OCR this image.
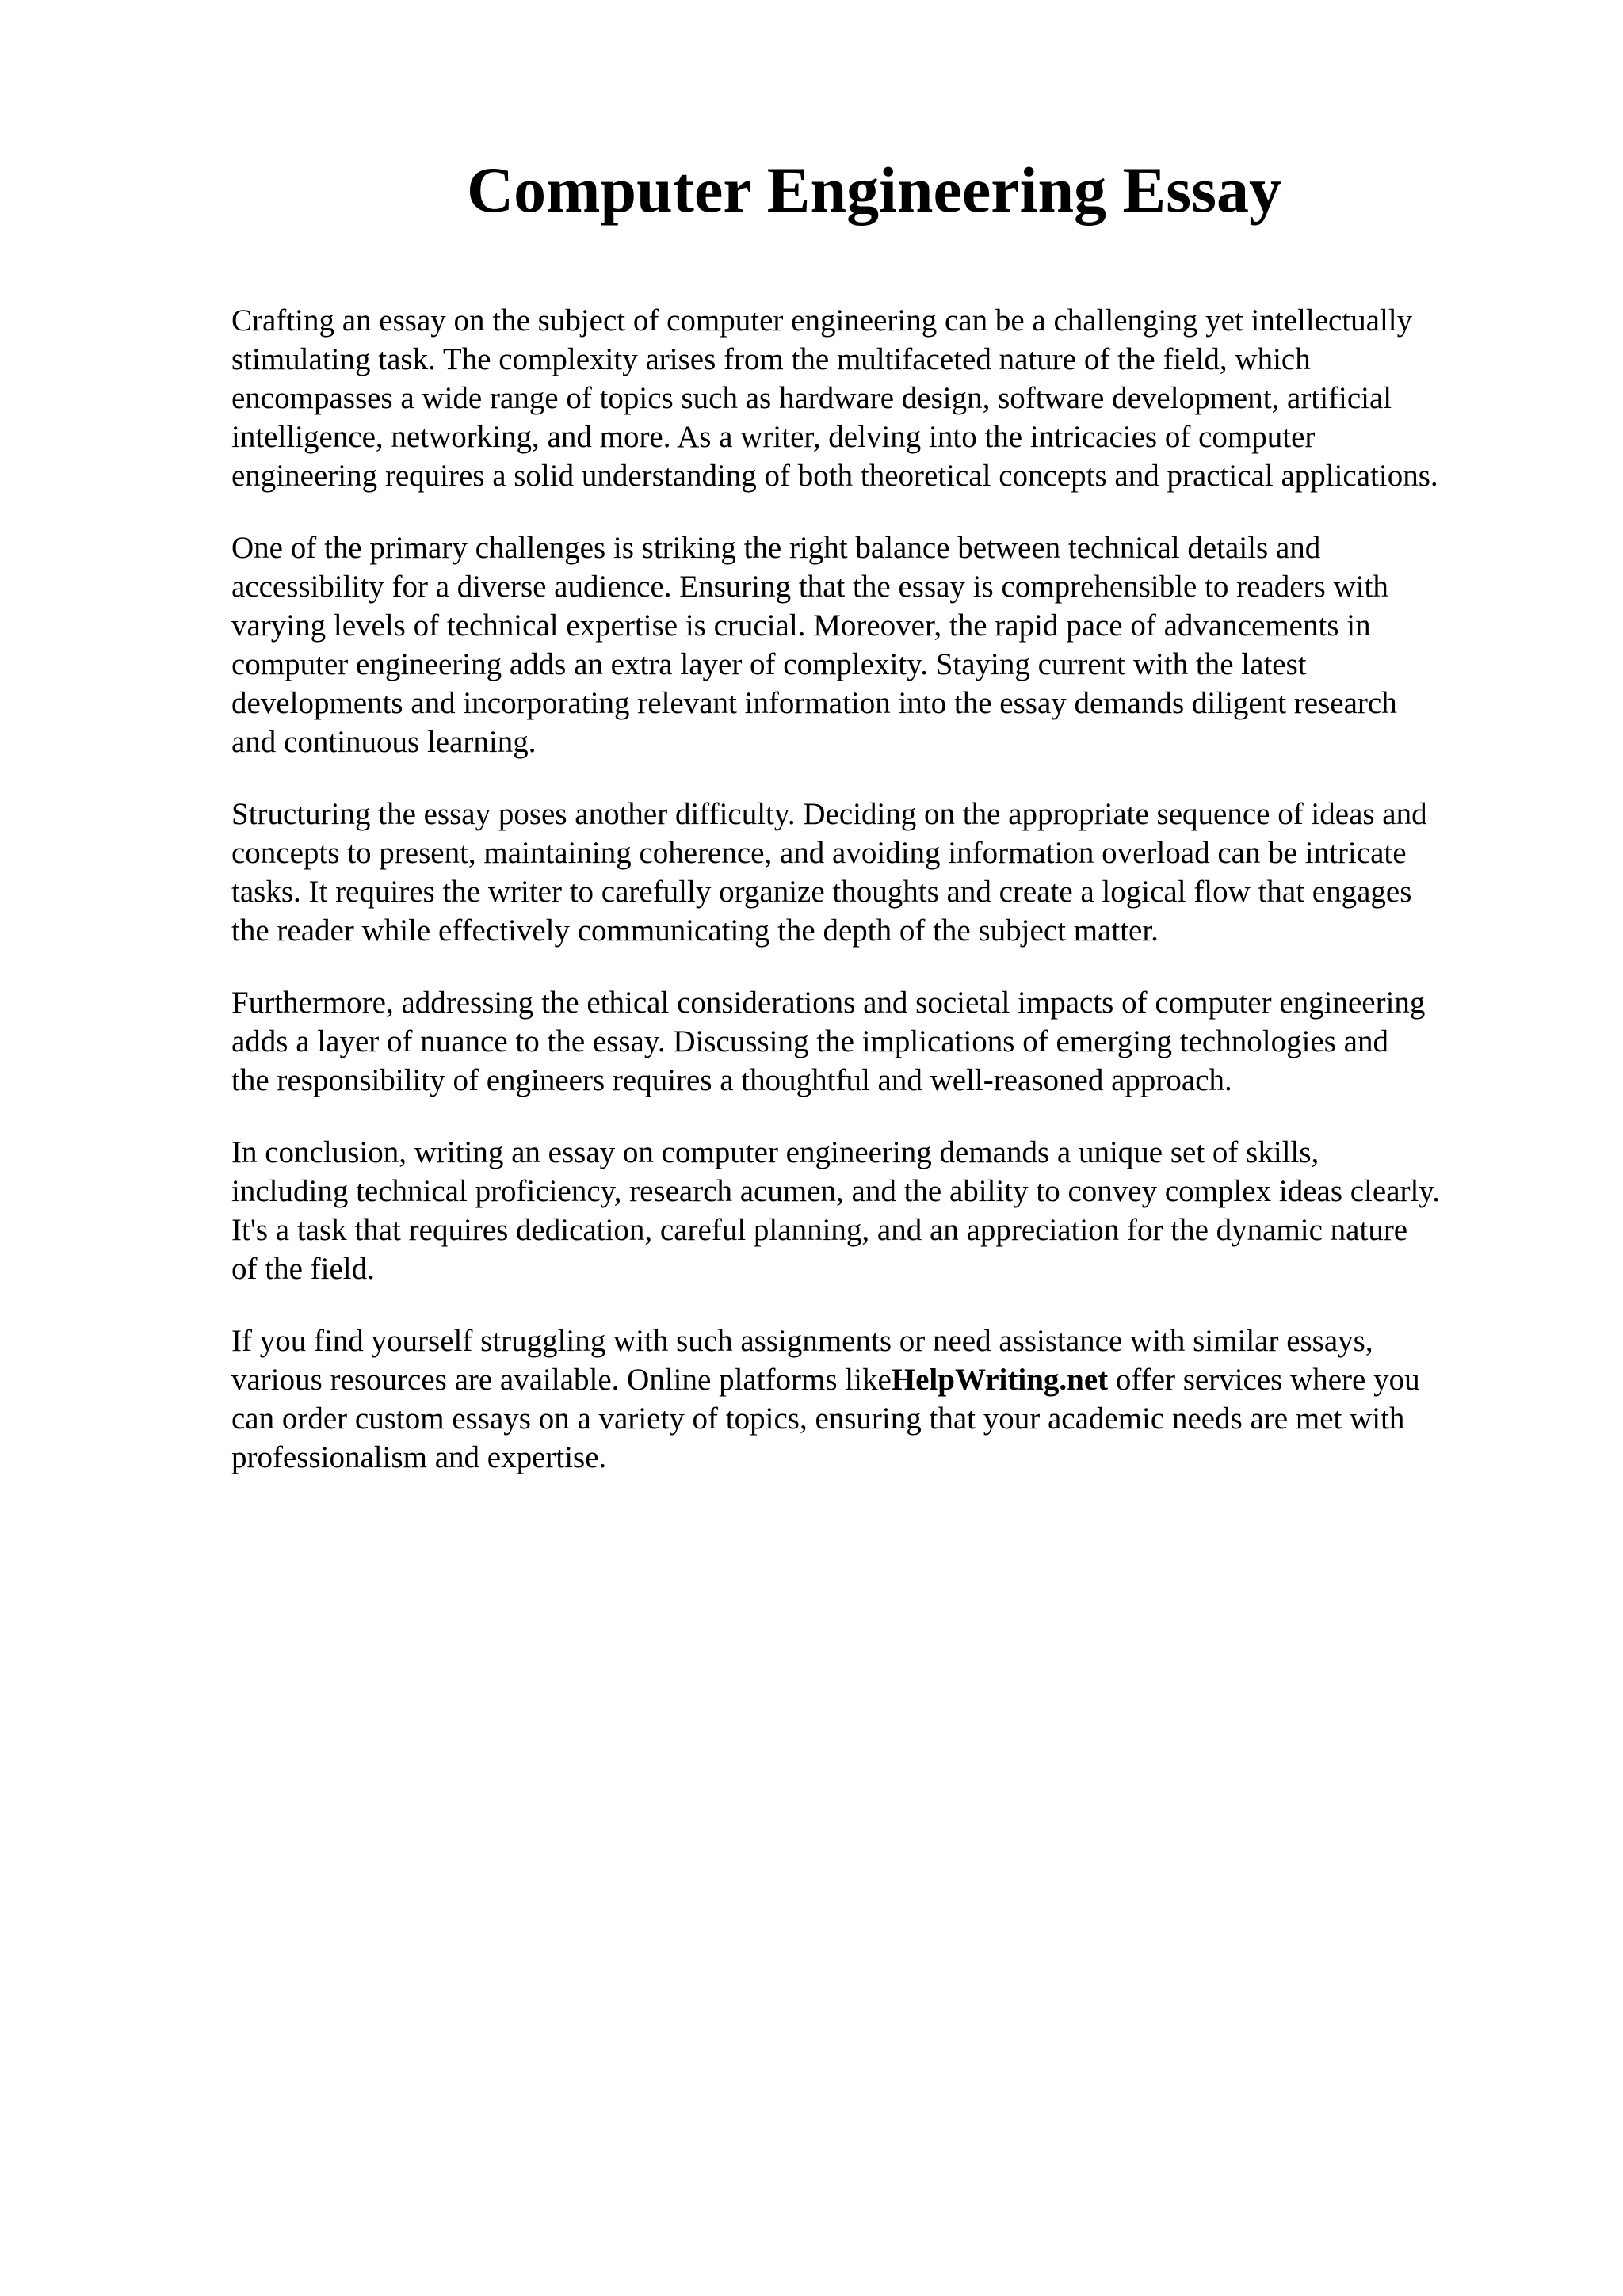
Computer Engineering Essay

Crafting an essay on the subject of computer engineering can be a challenging yet intellectually
stimulating task. The complexity arises from the multifaceted nature of the field, which
encompasses a wide range of topics such as hardware design, software development, artificial
intelligence, networking, and more. As a writer, delving into the intricacies of computer
engineering requires a solid understanding of both theoretical concepts and practical applications.

One of the primary challenges is striking the right balance between technical details and
accessibility for a diverse audience. Ensuring that the essay is comprehensible to readers with
varying levels of technical expertise is crucial. Moreover, the rapid pace of advancements in
computer engineering adds an extra layer of complexity. Staying current with the latest
developments and incorporating relevant information into the essay demands diligent research
and continuous learning.

Structuring the essay poses another difficulty. Deciding on the appropriate sequence of ideas and
concepts to present, maintaining coherence, and avoiding information overload can be intricate
tasks. It requires the writer to carefully organize thoughts and create a logical flow that engages
the reader while effectively communicating the depth of the subject matter.

Furthermore, addressing the ethical considerations and societal impacts of computer engineering
adds a layer of nuance to the essay. Discussing the implications of emerging technologies and
the responsibility of engineers requires a thoughtful and well-reasoned approach.

In conclusion, writing an essay on computer engineering demands a unique set of skills,
including technical proficiency, research acumen, and the ability to convey complex ideas clearly.
It's a task that requires dedication, careful planning, and an appreciation for the dynamic nature
of the field.

If you find yourself struggling with such assignments or need assistance with similar essays,
various resources are available. Online platforms likeHelpWriting.net offer services where you
can order custom essays on a variety of topics, ensuring that your academic needs are met with
professionalism and expertise.
